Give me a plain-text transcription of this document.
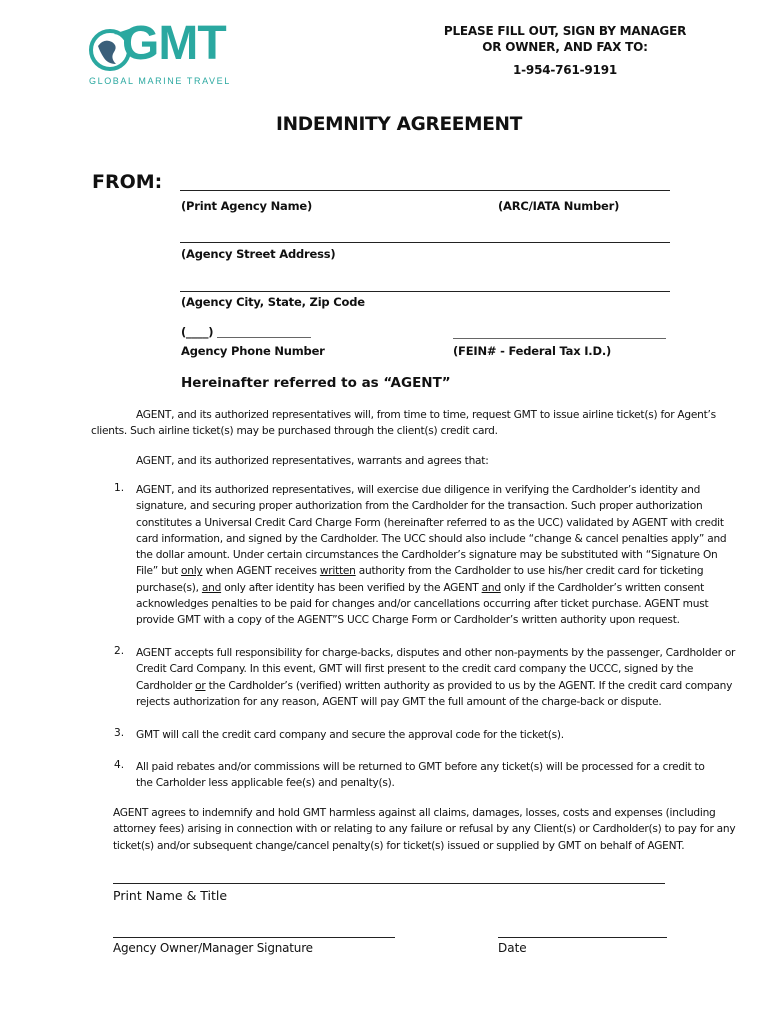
GMT
GLOBAL MARINE TRAVEL
PLEASE FILL OUT, SIGN BY MANAGER
OR OWNER, AND FAX TO:
1-954-761-9191
INDEMNITY AGREEMENT
FROM:
(Print Agency Name)	(ARC/IATA Number)
(Agency Street Address)
(Agency City, State, Zip Code
(____)
Agency Phone Number	(FEIN# - Federal Tax I.D.)
Hereinafter referred to as “AGENT”
AGENT, and its authorized representatives will, from time to time, request GMT to issue airline ticket(s) for Agent’s
clients. Such airline ticket(s) may be purchased through the client(s) credit card.
AGENT, and its authorized representatives, warrants and agrees that:
1. AGENT, and its authorized representatives, will exercise due diligence in verifying the Cardholder’s identity and
signature, and securing proper authorization from the Cardholder for the transaction. Such proper authorization
constitutes a Universal Credit Card Charge Form (hereinafter referred to as the UCC) validated by AGENT with credit
card information, and signed by the Cardholder. The UCC should also include “change & cancel penalties apply” and
the dollar amount. Under certain circumstances the Cardholder’s signature may be substituted with “Signature On
File” but only when AGENT receives written authority from the Cardholder to use his/her credit card for ticketing
purchase(s), and only after identity has been verified by the AGENT and only if the Cardholder’s written consent
acknowledges penalties to be paid for changes and/or cancellations occurring after ticket purchase. AGENT must
provide GMT with a copy of the AGENT”S UCC Charge Form or Cardholder’s written authority upon request.
2. AGENT accepts full responsibility for charge-backs, disputes and other non-payments by the passenger, Cardholder or
Credit Card Company. In this event, GMT will first present to the credit card company the UCCC, signed by the
Cardholder or the Cardholder’s (verified) written authority as provided to us by the AGENT. If the credit card company
rejects authorization for any reason, AGENT will pay GMT the full amount of the charge-back or dispute.
3. GMT will call the credit card company and secure the approval code for the ticket(s).
4. All paid rebates and/or commissions will be returned to GMT before any ticket(s) will be processed for a credit to
the Carholder less applicable fee(s) and penalty(s).
AGENT agrees to indemnify and hold GMT harmless against all claims, damages, losses, costs and expenses (including
attorney fees) arising in connection with or relating to any failure or refusal by any Client(s) or Cardholder(s) to pay for any
ticket(s) and/or subsequent change/cancel penalty(s) for ticket(s) issued or supplied by GMT on behalf of AGENT.
Print Name & Title
Agency Owner/Manager Signature	Date
